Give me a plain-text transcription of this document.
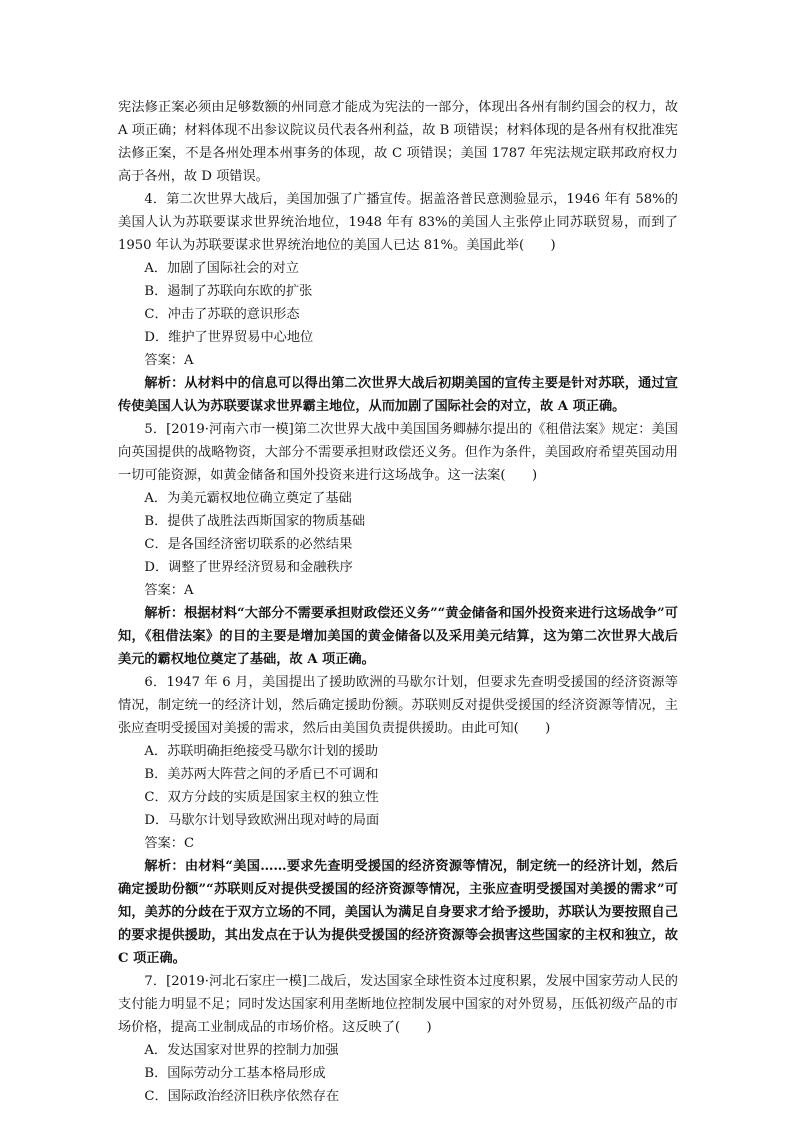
宪法修正案必须由足够数额的州同意才能成为宪法的一部分，体现出各州有制约国会的权力，故 A 项正确；材料体现不出参议院议员代表各州利益，故 B 项错误；材料体现的是各州有权批准宪法修正案，不是各州处理本州事务的体现，故 C 项错误；美国 1787 年宪法规定联邦政府权力高于各州，故 D 项错误。

4．第二次世界大战后，美国加强了广播宣传。据盖洛普民意测验显示，1946 年有 58%的美国人认为苏联要谋求世界统治地位，1948 年有 83%的美国人主张停止同苏联贸易，而到了 1950 年认为苏联要谋求世界统治地位的美国人已达 81%。美国此举(　　)

A．加剧了国际社会的对立

B．遏制了苏联向东欧的扩张

C．冲击了苏联的意识形态

D．维护了世界贸易中心地位

答案：A

解析：从材料中的信息可以得出第二次世界大战后初期美国的宣传主要是针对苏联，通过宣传使美国人认为苏联要谋求世界霸主地位，从而加剧了国际社会的对立，故 A 项正确。

5．[2019·河南六市一模]第二次世界大战中美国国务卿赫尔提出的《租借法案》规定：美国向英国提供的战略物资，大部分不需要承担财政偿还义务。但作为条件，美国政府希望英国动用一切可能资源，如黄金储备和国外投资来进行这场战争。这一法案(　　)

A．为美元霸权地位确立奠定了基础

B．提供了战胜法西斯国家的物质基础

C．是各国经济密切联系的必然结果

D．调整了世界经济贸易和金融秩序

答案：A

解析：根据材料“大部分不需要承担财政偿还义务”“黄金储备和国外投资来进行这场战争”可知，《租借法案》的目的主要是增加美国的黄金储备以及采用美元结算，这为第二次世界大战后美元的霸权地位奠定了基础，故 A 项正确。

6．1947 年 6 月，美国提出了援助欧洲的马歇尔计划，但要求先查明受援国的经济资源等情况，制定统一的经济计划，然后确定援助份额。苏联则反对提供受援国的经济资源等情况，主张应查明受援国对美援的需求，然后由美国负责提供援助。由此可知(　　)

A．苏联明确拒绝接受马歇尔计划的援助

B．美苏两大阵营之间的矛盾已不可调和

C．双方分歧的实质是国家主权的独立性

D．马歇尔计划导致欧洲出现对峙的局面

答案：C

解析：由材料“美国……要求先查明受援国的经济资源等情况，制定统一的经济计划，然后确定援助份额”“苏联则反对提供受援国的经济资源等情况，主张应查明受援国对美援的需求”可知，美苏的分歧在于双方立场的不同，美国认为满足自身要求才给予援助，苏联认为要按照自己的要求提供援助，其出发点在于认为提供受援国的经济资源等会损害这些国家的主权和独立，故 C 项正确。

7．[2019·河北石家庄一模]二战后，发达国家全球性资本过度积累，发展中国家劳动人民的支付能力明显不足；同时发达国家利用垄断地位控制发展中国家的对外贸易，压低初级产品的市场价格，提高工业制成品的市场价格。这反映了(　　)

A．发达国家对世界的控制力加强

B．国际劳动分工基本格局形成

C．国际政治经济旧秩序依然存在
